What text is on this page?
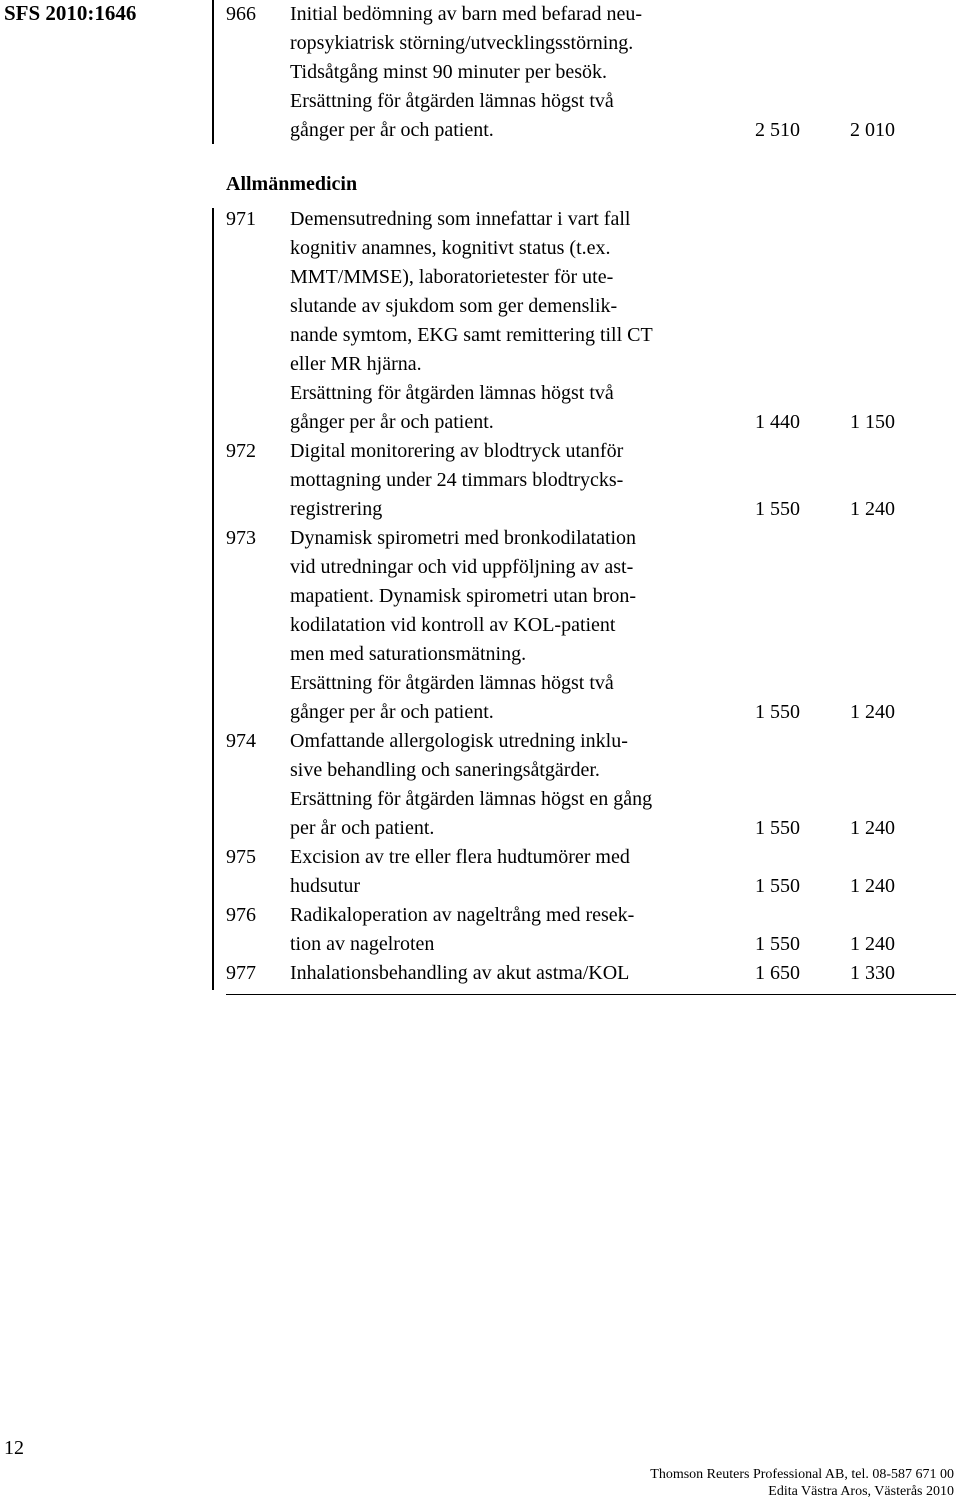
SFS 2010:1646	966 Initial bedömning av barn med befarad neu-
ropsykiatrisk störning/utvecklingsstörning.
Tidsåtgång minst 90 minuter per besök.
Ersättning för åtgärden lämnas högst två
gånger per år och patient.	2 510	2 010
Allmänmedicin
971 Demensutredning som innefattar i vart fall
kognitiv anamnes, kognitivt status (t.ex.
MMT/MMSE), laboratorietester för ute-
slutande av sjukdom som ger demenslik-
nande symtom, EKG samt remittering till CT
eller MR hjärna.
Ersättning för åtgärden lämnas högst två
gånger per år och patient.	1 440	1 150
972 Digital monitorering av blodtryck utanför
mottagning under 24 timmars blodtrycks-
registrering	1 550	1 240
973 Dynamisk spirometri med bronkodilatation
vid utredningar och vid uppföljning av ast-
mapatient. Dynamisk spirometri utan bron-
kodilatation vid kontroll av KOL-patient
men med saturationsmätning.
Ersättning för åtgärden lämnas högst två
gånger per år och patient.	1 550	1 240
974 Omfattande allergologisk utredning inklu-
sive behandling och saneringsåtgärder.
Ersättning för åtgärden lämnas högst en gång
per år och patient.	1 550	1 240
975 Excision av tre eller flera hudtumörer med
hudsutur	1 550	1 240
976 Radikaloperation av nageltrång med resek-
tion av nagelroten	1 550	1 240
977 Inhalationsbehandling av akut astma/KOL	1 650	1 330
12
Thomson Reuters Professional AB, tel. 08-587 671 00
Edita Västra Aros, Västerås 2010
